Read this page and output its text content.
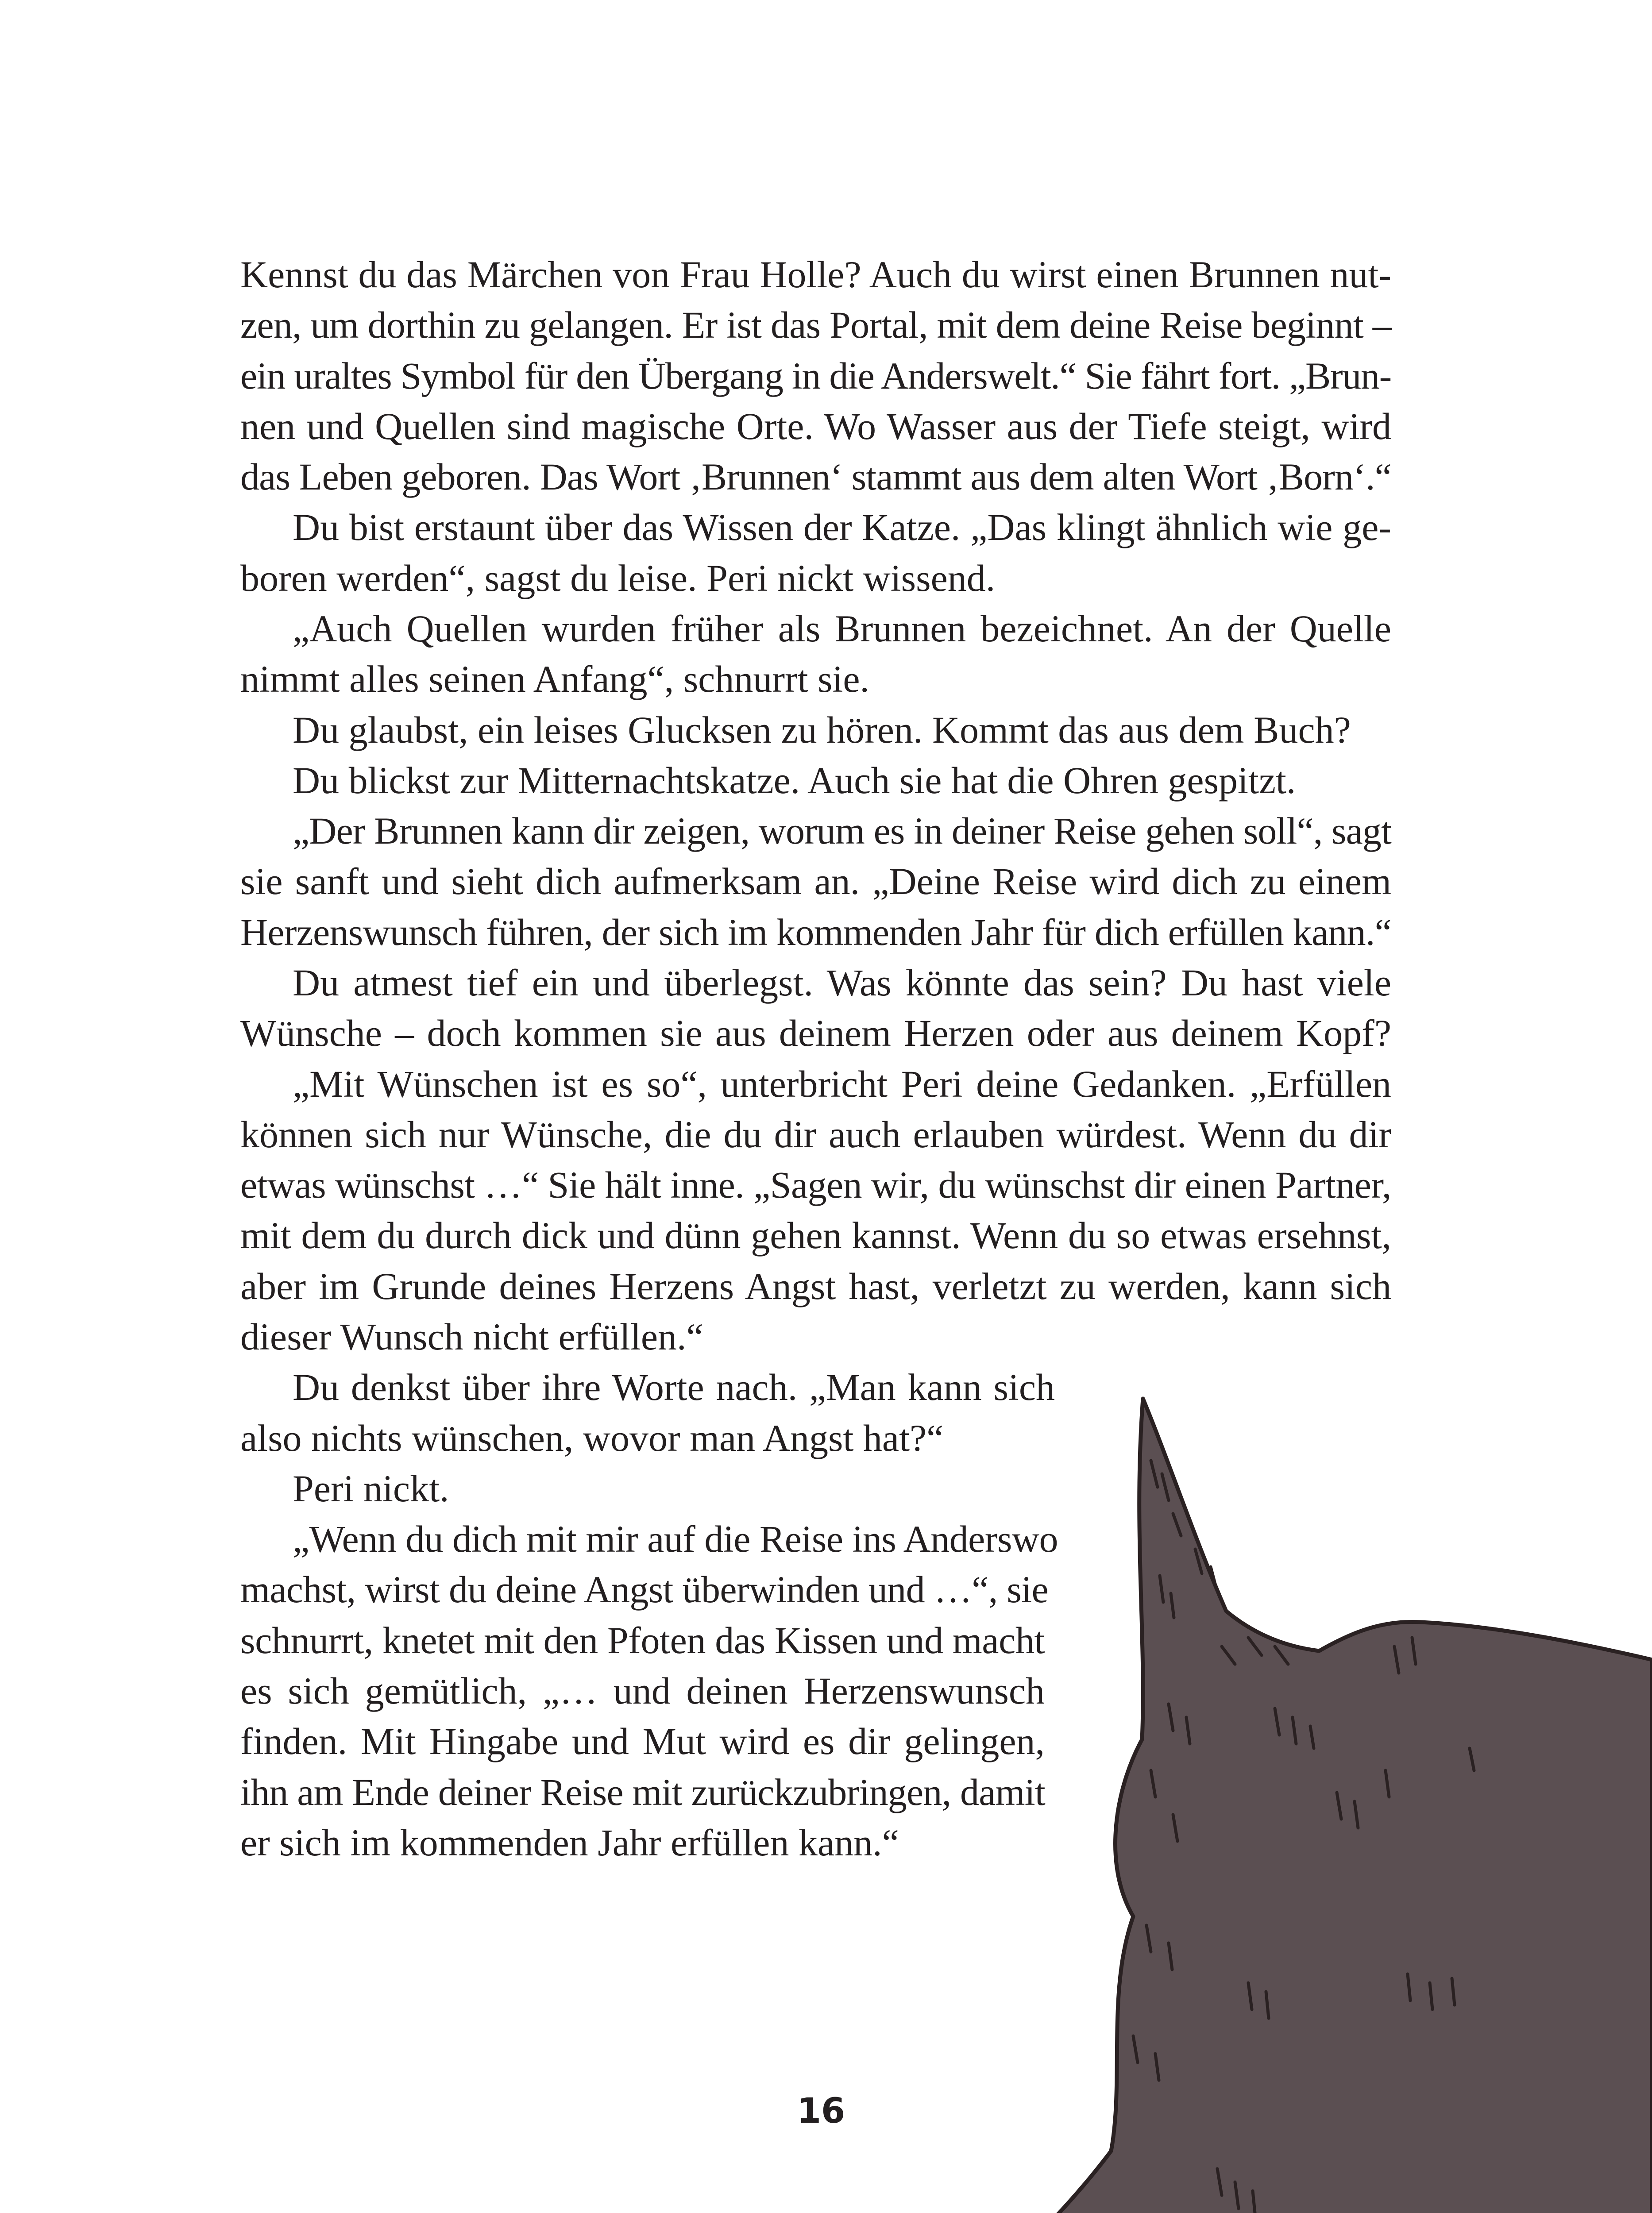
Kennst du das Märchen von Frau Holle? Auch du wirst einen Brunnen nut-
zen, um dorthin zu gelangen. Er ist das Portal, mit dem deine Reise beginnt –
ein uraltes Symbol für den Übergang in die Anderswelt.“ Sie fährt fort. „Brun-
nen und Quellen sind magische Orte. Wo Wasser aus der Tiefe steigt, wird
das Leben geboren. Das Wort ‚Brunnen‘ stammt aus dem alten Wort ‚Born‘.“
Du bist erstaunt über das Wissen der Katze. „Das klingt ähnlich wie ge-
boren werden“, sagst du leise. Peri nickt wissend.
„Auch Quellen wurden früher als Brunnen bezeichnet. An der Quelle
nimmt alles seinen Anfang“, schnurrt sie.
Du glaubst, ein leises Glucksen zu hören. Kommt das aus dem Buch?
Du blickst zur Mitternachtskatze. Auch sie hat die Ohren gespitzt.
„Der Brunnen kann dir zeigen, worum es in deiner Reise gehen soll“, sagt
sie sanft und sieht dich aufmerksam an. „Deine Reise wird dich zu einem
Herzenswunsch führen, der sich im kommenden Jahr für dich erfüllen kann.“
Du atmest tief ein und überlegst. Was könnte das sein? Du hast viele
Wünsche – doch kommen sie aus deinem Herzen oder aus deinem Kopf?
„Mit Wünschen ist es so“, unterbricht Peri deine Gedanken. „Erfüllen
können sich nur Wünsche, die du dir auch erlauben würdest. Wenn du dir
etwas wünschst …“ Sie hält inne. „Sagen wir, du wünschst dir einen Partner,
mit dem du durch dick und dünn gehen kannst. Wenn du so etwas ersehnst,
aber im Grunde deines Herzens Angst hast, verletzt zu werden, kann sich
dieser Wunsch nicht erfüllen.“
Du denkst über ihre Worte nach. „Man kann sich
also nichts wünschen, wovor man Angst hat?“
Peri nickt.
„Wenn du dich mit mir auf die Reise ins Anderswo
machst, wirst du deine Angst überwinden und …“, sie
schnurrt, knetet mit den Pfoten das Kissen und macht
es sich gemütlich, „… und deinen Herzenswunsch
finden. Mit Hingabe und Mut wird es dir gelingen,
ihn am Ende deiner Reise mit zurückzubringen, damit
er sich im kommenden Jahr erfüllen kann.“
16
